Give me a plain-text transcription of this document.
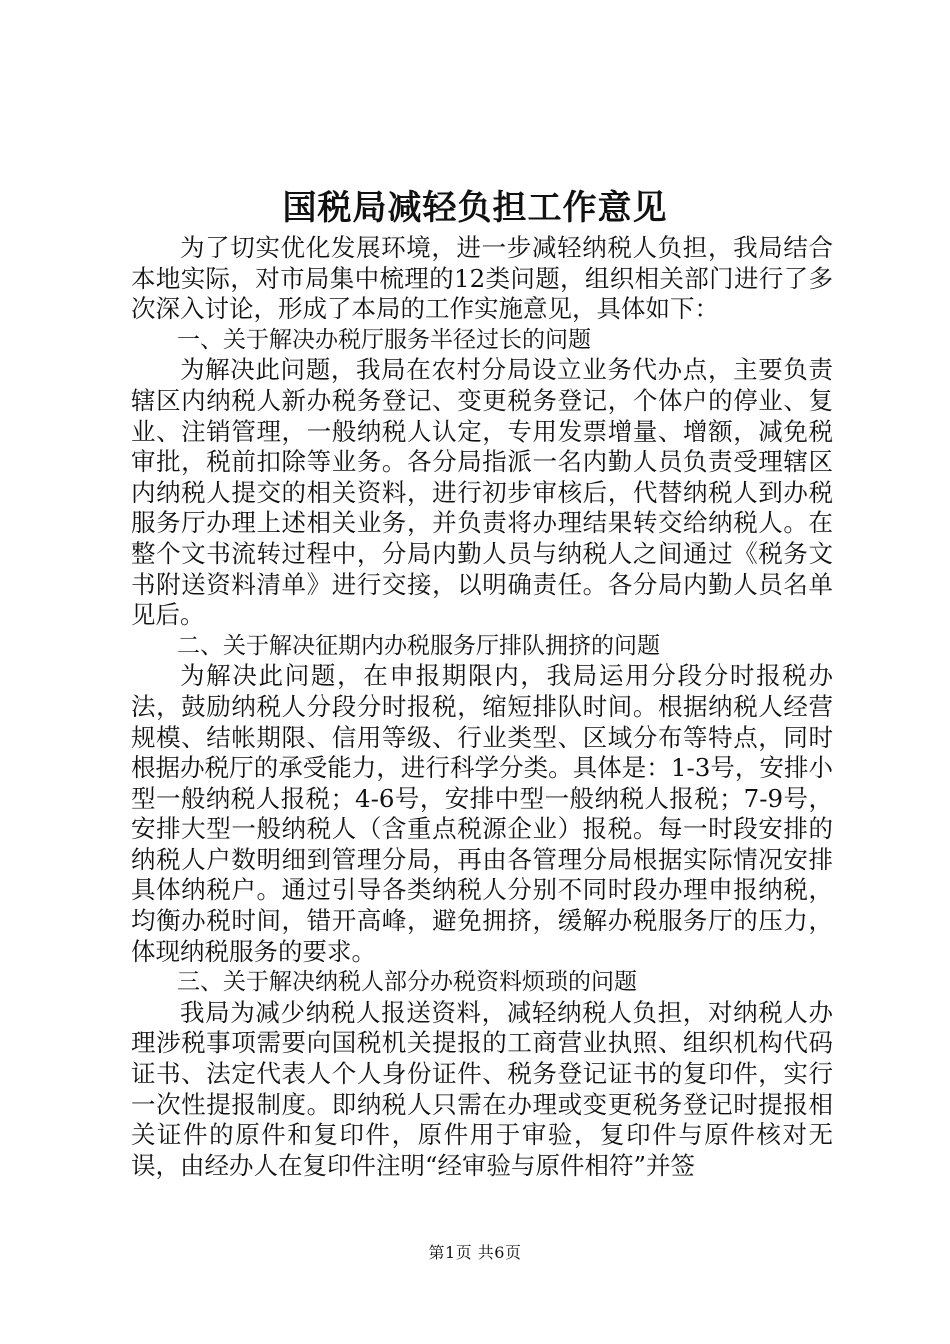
国税局减轻负担工作意见

为了切实优化发展环境，进一步减轻纳税人负担，我局结合本地实际，对市局集中梳理的12类问题，组织相关部门进行了多次深入讨论，形成了本局的工作实施意见，具体如下：

一、关于解决办税厅服务半径过长的问题

为解决此问题，我局在农村分局设立业务代办点，主要负责辖区内纳税人新办税务登记、变更税务登记，个体户的停业、复业、注销管理，一般纳税人认定，专用发票增量、增额，减免税审批，税前扣除等业务。各分局指派一名内勤人员负责受理辖区内纳税人提交的相关资料，进行初步审核后，代替纳税人到办税服务厅办理上述相关业务，并负责将办理结果转交给纳税人。在整个文书流转过程中，分局内勤人员与纳税人之间通过《税务文书附送资料清单》进行交接，以明确责任。各分局内勤人员名单见后。

二、关于解决征期内办税服务厅排队拥挤的问题

为解决此问题，在申报期限内，我局运用分段分时报税办法，鼓励纳税人分段分时报税，缩短排队时间。根据纳税人经营规模、结帐期限、信用等级、行业类型、区域分布等特点，同时根据办税厅的承受能力，进行科学分类。具体是：1-3号，安排小型一般纳税人报税；4-6号，安排中型一般纳税人报税；7-9号，安排大型一般纳税人（含重点税源企业）报税。每一时段安排的纳税人户数明细到管理分局，再由各管理分局根据实际情况安排具体纳税户。通过引导各类纳税人分别不同时段办理申报纳税，均衡办税时间，错开高峰，避免拥挤，缓解办税服务厅的压力，体现纳税服务的要求。

三、关于解决纳税人部分办税资料烦琐的问题

我局为减少纳税人报送资料，减轻纳税人负担，对纳税人办理涉税事项需要向国税机关提报的工商营业执照、组织机构代码证书、法定代表人个人身份证件、税务登记证书的复印件，实行一次性提报制度。即纳税人只需在办理或变更税务登记时提报相关证件的原件和复印件，原件用于审验，复印件与原件核对无误，由经办人在复印件注明“经审验与原件相符”并签

第1页 共6页
